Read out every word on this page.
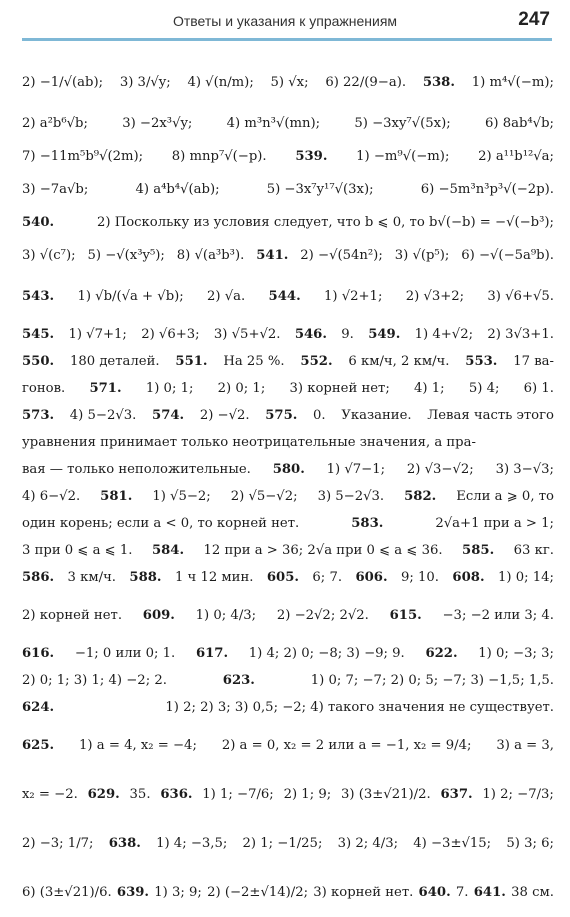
Ответы и указания к упражнениям	247
2) −1/√(ab); 3) 3/√y; 4) √(n/m); 5) √x; 6) 22/(9−a). 538. 1) m⁴√(−m);
2) a²b⁶√b;	3) −2x³√y;	4) m³n³√(mn);	5) −3xy⁷√(5x);	6) 8ab⁴√b;
7) −11m⁵b⁹√(2m); 8) mnp⁷√(−p). 539. 1) −m⁹√(−m); 2) a¹¹b¹²√a;
3) −7a√b;	4) a⁴b⁴√(ab);	5) −3x⁷y¹⁷√(3x);	6) −5m³n³p³√(−2p).
540.	2) Поскольку из условия следует, что b ⩽ 0, то b√(−b) = −√(−b³);
3) √(c⁷); 5) −√(x³y⁵); 8) √(a³b³). 541. 2) −√(54n²); 3) √(p⁵); 6) −√(−5a⁹b).
543. 1) √b/(√a + √b); 2) √a. 544. 1) √2+1; 2) √3+2; 3) √6+√5.
545. 1) √7+1; 2) √6+3; 3) √5+√2. 546. 9. 549. 1) 4+√2; 2) 3√3+1.
550. 180 деталей. 551. На 25 %. 552. 6 км/ч, 2 км/ч. 553. 17 ва-
гонов. 571. 1) 0; 1; 2) 0; 1; 3) корней нет; 4) 1; 5) 4; 6) 1.
573. 4) 5−2√3. 574. 2) −√2. 575. 0. Указание. Левая часть этого
уравнения принимает только неотрицательные значения, а пра-
вая — только неположительные. 580. 1) √7−1; 2) √3−√2; 3) 3−√3;
4) 6−√2. 581. 1) √5−2; 2) √5−√2; 3) 5−2√3. 582. Если a ⩾ 0, то
один корень; если a < 0, то корней нет.	583.	2√a+1 при a > 1;
3 при 0 ⩽ a ⩽ 1. 584. 12 при a > 36; 2√a при 0 ⩽ a ⩽ 36. 585. 63 кг.
586. 3 км/ч. 588. 1 ч 12 мин. 605. 6; 7. 606. 9; 10. 608. 1) 0; 14;
2) корней нет. 609. 1) 0; 4/3; 2) −2√2; 2√2. 615. −3; −2 или 3; 4.
616. −1; 0 или 0; 1. 617. 1) 4; 2) 0; −8; 3) −9; 9. 622. 1) 0; −3; 3;
2) 0; 1; 3) 1; 4) −2; 2.	623.	1) 0; 7; −7; 2) 0; 5; −7; 3) −1,5; 1,5.
624.	1) 2; 2) 3; 3) 0,5; −2; 4) такого значения не существует.
625. 1) a = 4, x₂ = −4; 2) a = 0, x₂ = 2 или a = −1, x₂ = 9/4; 3) a = 3,
x₂ = −2. 629. 35. 636. 1) 1; −7/6; 2) 1; 9; 3) (3±√21)/2. 637. 1) 2; −7/3;
2) −3; 1/7; 638. 1) 4; −3,5; 2) 1; −1/25; 3) 2; 4/3; 4) −3±√15; 5) 3; 6;
6) (3±√21)/6. 639. 1) 3; 9; 2) (−2±√14)/2; 3) корней нет. 640. 7. 641. 38 см.
